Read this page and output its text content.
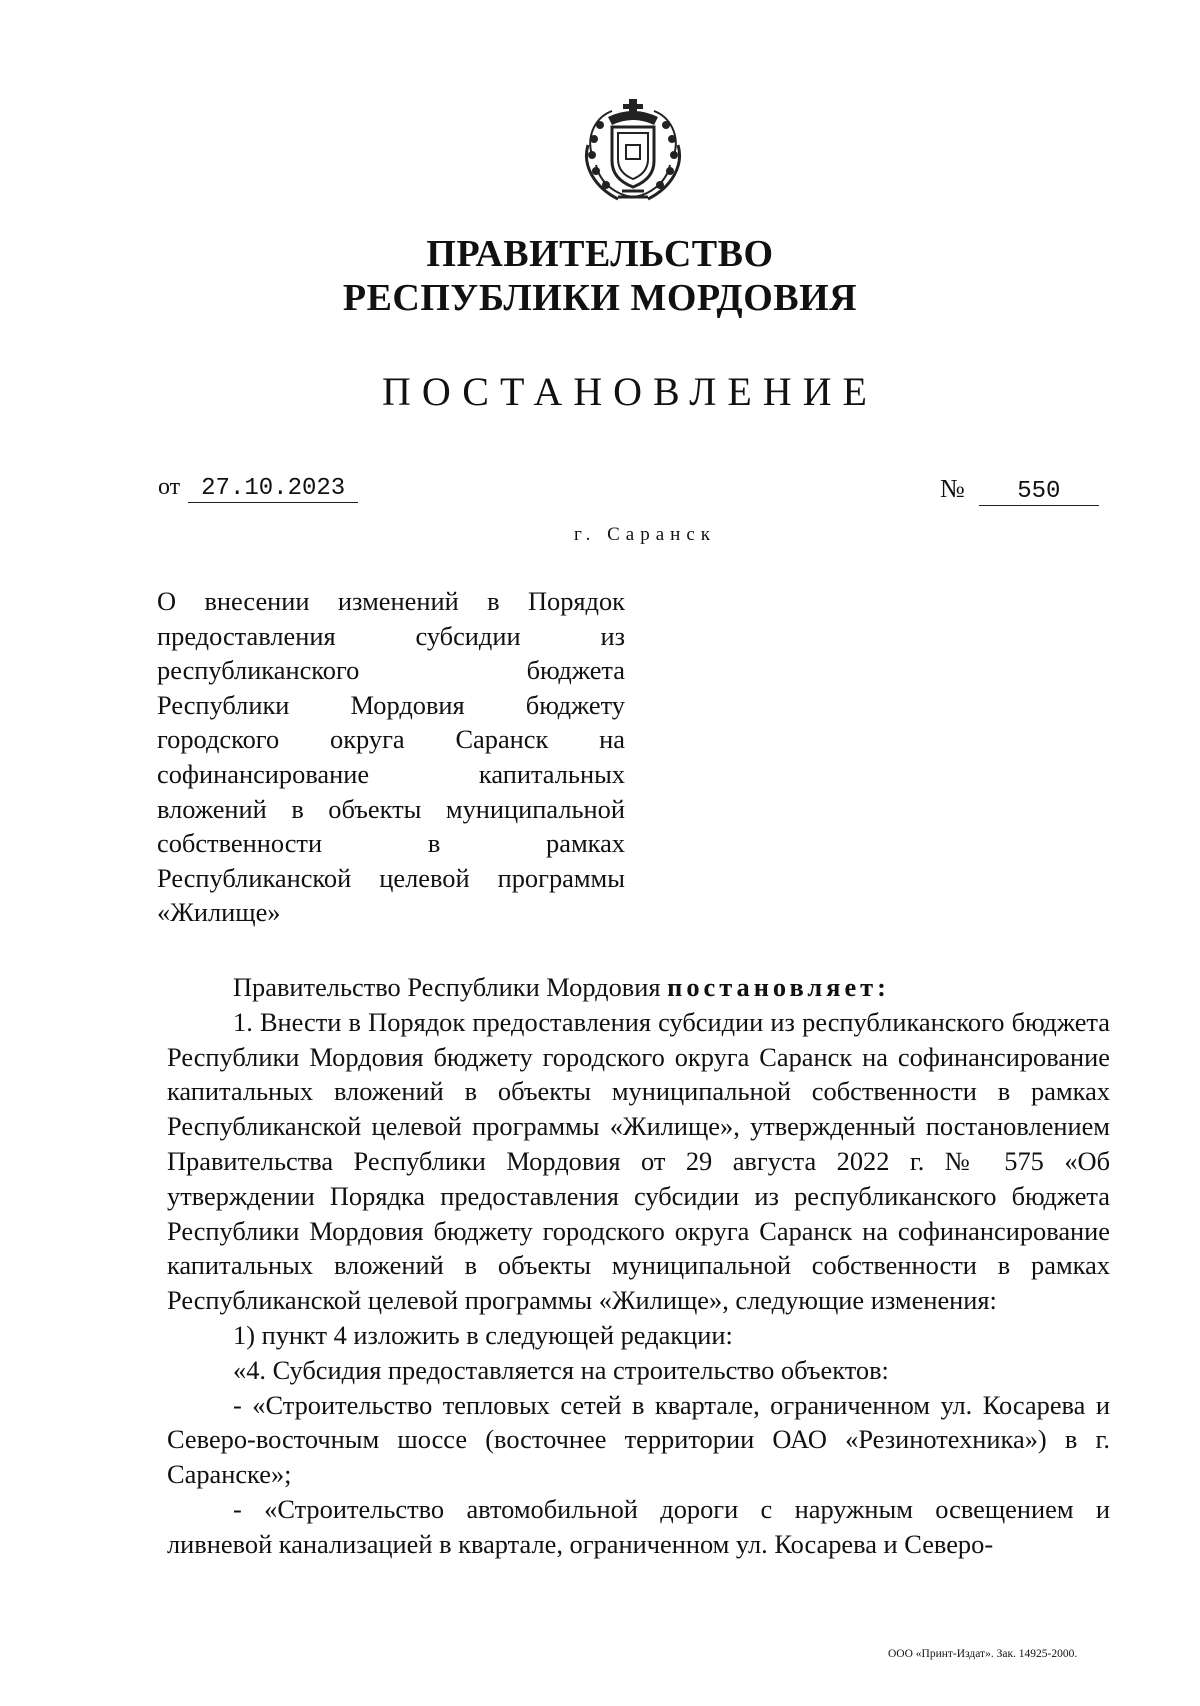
ПРАВИТЕЛЬСТВО
РЕСПУБЛИКИ МОРДОВИЯ
ПОСТАНОВЛЕНИЕ
от 27.10.2023	№ 550
г. Саранск
О внесении изменений в Порядок
предоставления субсидии из
республиканского бюджета
Республики Мордовия бюджету
городского округа Саранск на
софинансирование капитальных
вложений в объекты муниципальной
собственности в рамках
Республиканской целевой программы
«Жилище»

Правительство Республики Мордовия постановляет:

1. Внести в Порядок предоставления субсидии из республиканского бюджета Республики Мордовия бюджету городского округа Саранск на софинансирование капитальных вложений в объекты муниципальной собственности в рамках Республиканской целевой программы «Жилище», утвержденный постановлением Правительства Республики Мордовия от 29 августа 2022 г. № 575 «Об утверждении Порядка предоставления субсидии из республиканского бюджета Республики Мордовия бюджету городского округа Саранск на софинансирование капитальных вложений в объекты муниципальной собственности в рамках Республиканской целевой программы «Жилище», следующие изменения:

1) пункт 4 изложить в следующей редакции:

«4. Субсидия предоставляется на строительство объектов:

- «Строительство тепловых сетей в квартале, ограниченном ул. Косарева и Северо-восточным шоссе (восточнее территории ОАО «Резинотехника») в г. Саранске»;

- «Строительство автомобильной дороги с наружным освещением и ливневой канализацией в квартале, ограниченном ул. Косарева и Северо-

ООО «Принт-Издат». Зак. 14925-2000.
